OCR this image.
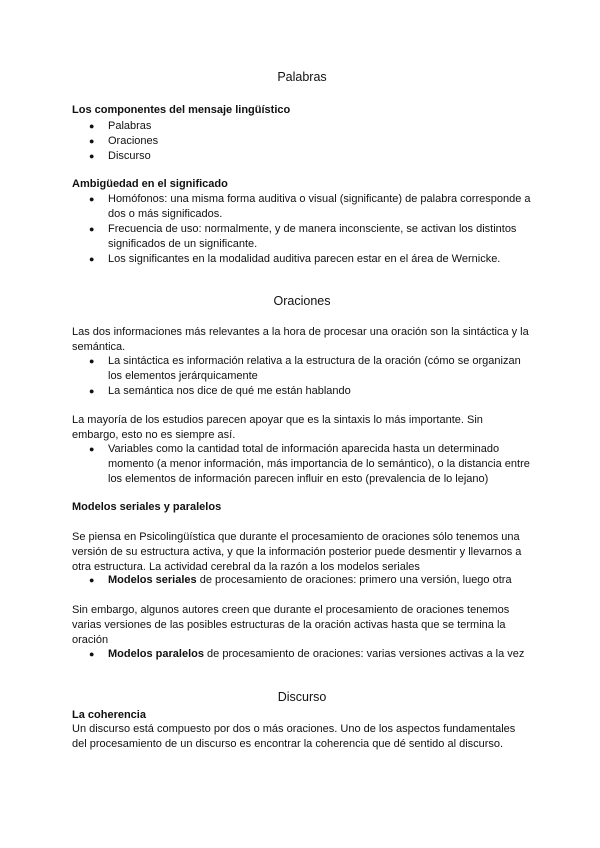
Palabras
Los componentes del mensaje lingüístico
● Palabras
● Oraciones
● Discurso
Ambigüedad en el significado
● Homófonos: una misma forma auditiva o visual (significante) de palabra corresponde a dos o más significados.
● Frecuencia de uso: normalmente, y de manera inconsciente, se activan los distintos significados de un significante.
● Los significantes en la modalidad auditiva parecen estar en el área de Wernicke.
Oraciones

Las dos informaciones más relevantes a la hora de procesar una oración son la sintáctica y la semántica.

● La sintáctica es información relativa a la estructura de la oración (cómo se organizan los elementos jerárquicamente
● La semántica nos dice de qué me están hablando

La mayoría de los estudios parecen apoyar que es la sintaxis lo más importante. Sin embargo, esto no es siempre así.

● Variables como la cantidad total de información aparecida hasta un determinado momento (a menor información, más importancia de lo semántico), o la distancia entre los elementos de información parecen influir en esto (prevalencia de lo lejano)
Modelos seriales y paralelos

Se piensa en Psicolingüística que durante el procesamiento de oraciones sólo tenemos una versión de su estructura activa, y que la información posterior puede desmentir y llevarnos a otra estructura. La actividad cerebral da la razón a los modelos seriales

● Modelos seriales de procesamiento de oraciones: primero una versión, luego otra

Sin embargo, algunos autores creen que durante el procesamiento de oraciones tenemos varias versiones de las posibles estructuras de la oración activas hasta que se termina la oración

● Modelos paralelos de procesamiento de oraciones: varias versiones activas a la vez
Discurso
La coherencia

Un discurso está compuesto por dos o más oraciones. Uno de los aspectos fundamentales del procesamiento de un discurso es encontrar la coherencia que dé sentido al discurso.
